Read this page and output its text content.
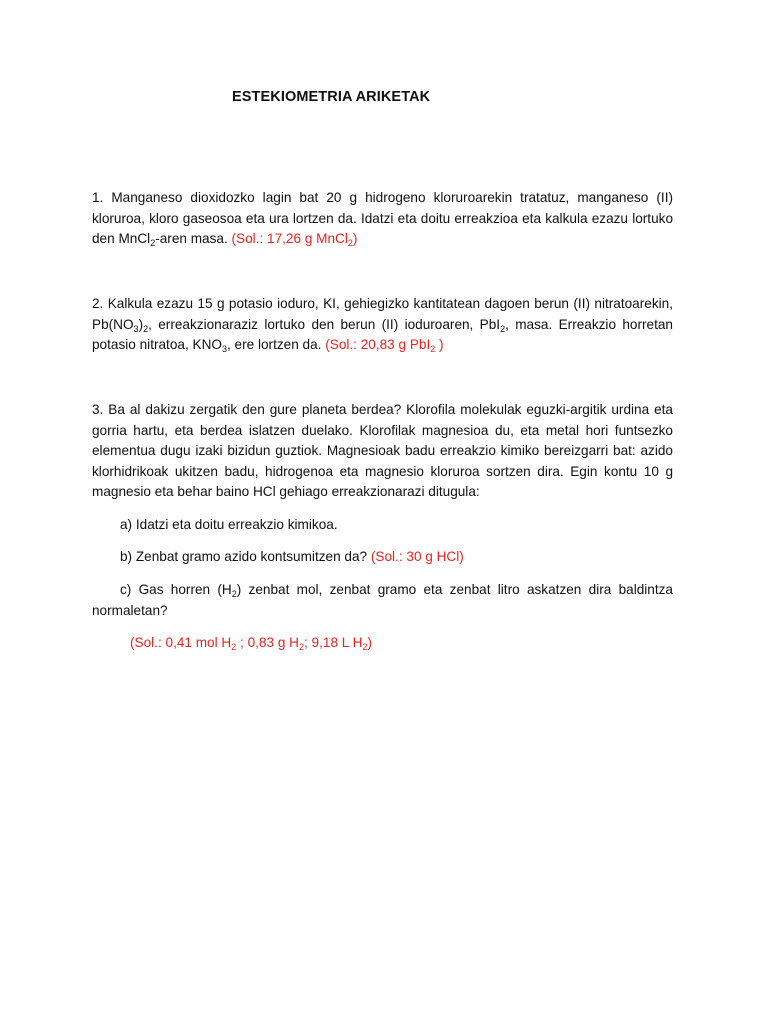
ESTEKIOMETRIA ARIKETAK

1. Manganeso dioxidozko lagin bat 20 g hidrogeno kloruroarekin tratatuz, manganeso (II) kloruroa, kloro gaseosoa eta ura lortzen da. Idatzi eta doitu erreakzioa eta kalkula ezazu lortuko den MnCl$_2$-aren masa. (Sol.: 17,26 g MnCl$_2$)

2. Kalkula ezazu 15 g potasio ioduro, KI, gehiegizko kantitatean dagoen berun (II) nitratoarekin, $Pb(NO_3)_2$, erreakzionaraziz lortuko den berun (II) ioduroaren, PbI$_2$, masa. Erreakzio horretan potasio nitratoa, $KNO_3$, ere lortzen da. (Sol.: 20,83 g PbI$_2$ )

3. Ba al dakizu zergatik den gure planeta berdea? Klorofila molekulak eguzki-argitik urdina eta gorria hartu, eta berdea islatzen duelako. Klorofilak magnesioa du, eta metal hori funtsezko elementua dugu izaki bizidun guztiok. Magnesioak badu erreakzio kimiko bereizgarri bat: azido klorhidrikoak ukitzen badu, hidrogenoa eta magnesio kloruroa sortzen dira. Egin kontu 10 g magnesio eta behar baino HCl gehiago erreakzionarazi ditugula:

a) Idatzi eta doitu erreakzio kimikoa.

b) Zenbat gramo azido kontsumitzen da? (Sol.: 30 g HCl)

c) Gas horren $(H_2)$ zenbat mol, zenbat gramo eta zenbat litro askatzen dira baldintza normaletan?

(Sol.: 0,41 mol $H_2$ ; 0,83 g $H_2$; 9,18 L $H_2$)
